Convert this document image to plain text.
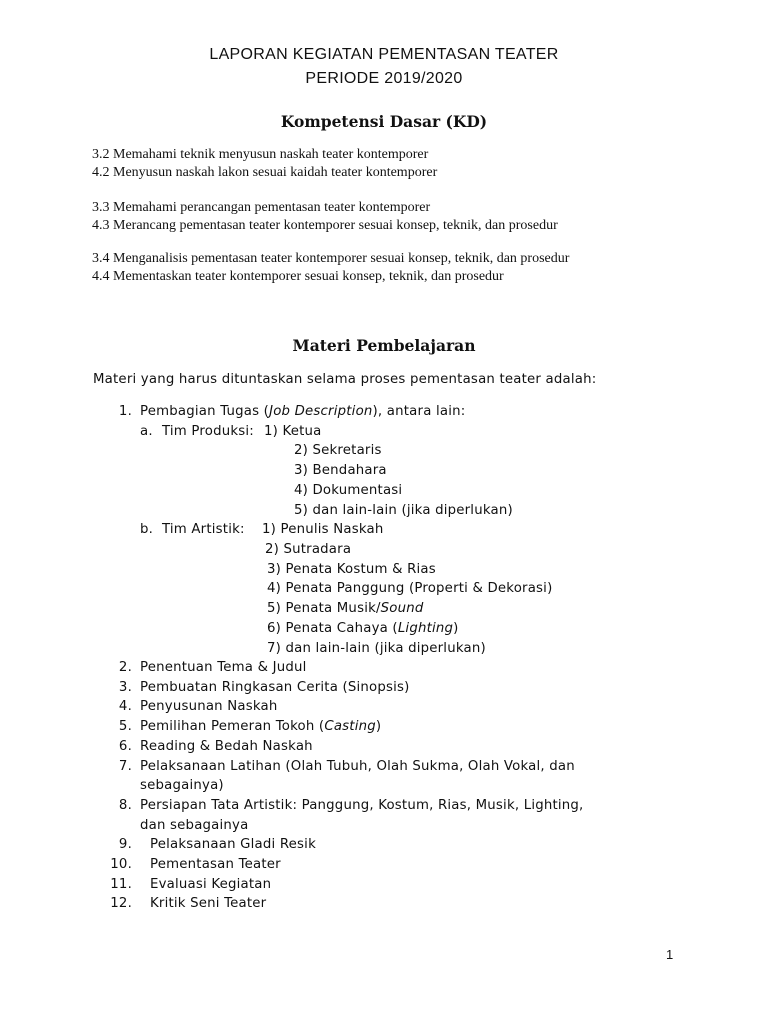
LAPORAN KEGIATAN PEMENTASAN TEATER
PERIODE 2019/2020
Kompetensi Dasar (KD)
3.2 Memahami teknik menyusun naskah teater kontemporer
4.2 Menyusun naskah lakon sesuai kaidah teater kontemporer
3.3 Memahami perancangan pementasan teater kontemporer
4.3 Merancang pementasan teater kontemporer sesuai konsep, teknik, dan prosedur
3.4 Menganalisis pementasan teater kontemporer sesuai konsep, teknik, dan prosedur
4.4 Mementaskan teater kontemporer sesuai konsep, teknik, dan prosedur
Materi Pembelajaran
Materi yang harus dituntaskan selama proses pementasan teater adalah:
1. Pembagian Tugas (Job Description), antara lain:
a. Tim Produksi: 1) Ketua
2) Sekretaris
3) Bendahara
4) Dokumentasi
5) dan lain-lain (jika diperlukan)
b. Tim Artistik: 1) Penulis Naskah
2) Sutradara
3) Penata Kostum & Rias
4) Penata Panggung (Properti & Dekorasi)
5) Penata Musik/Sound
6) Penata Cahaya (Lighting)
7) dan lain-lain (jika diperlukan)
2. Penentuan Tema & Judul
3. Pembuatan Ringkasan Cerita (Sinopsis)
4. Penyusunan Naskah
5. Pemilihan Pemeran Tokoh (Casting)
6. Reading & Bedah Naskah
7. Pelaksanaan Latihan (Olah Tubuh, Olah Sukma, Olah Vokal, dan
sebagainya)
8. Persiapan Tata Artistik: Panggung, Kostum, Rias, Musik, Lighting,
dan sebagainya
9. Pelaksanaan Gladi Resik
10. Pementasan Teater
11. Evaluasi Kegiatan
12. Kritik Seni Teater
1
